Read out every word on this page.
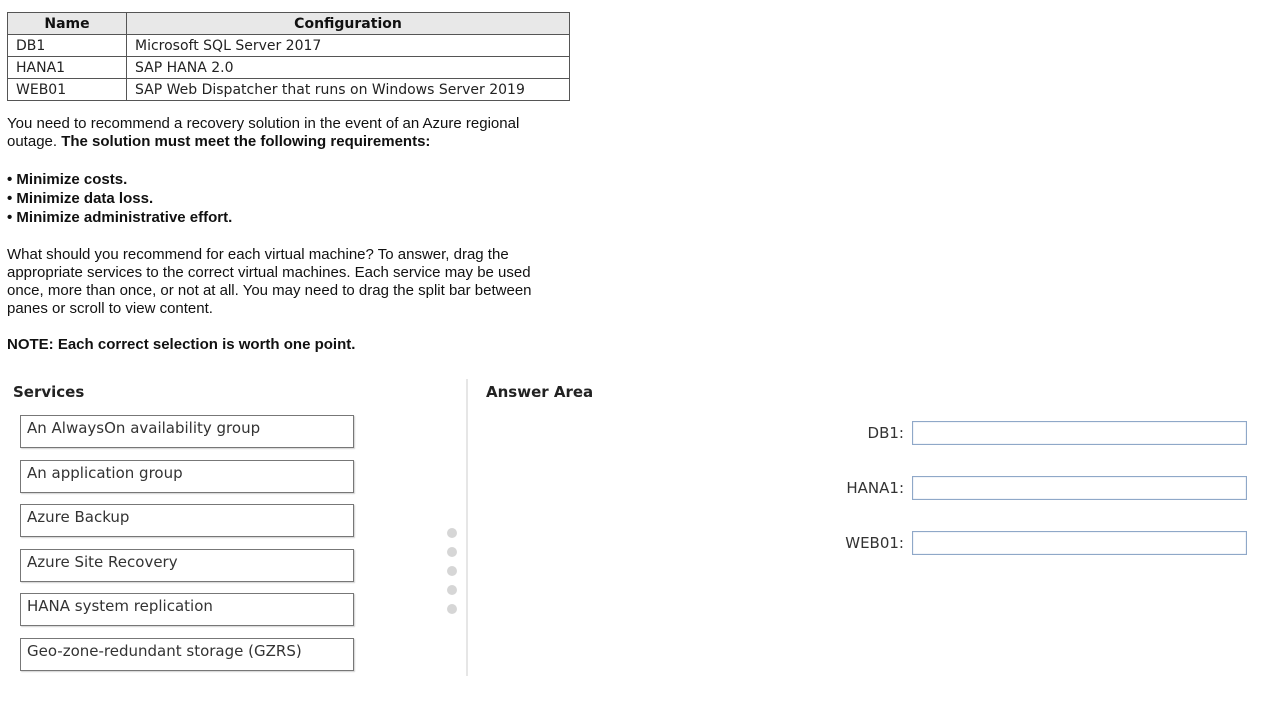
Name	Configuration
DB1	Microsoft SQL Server 2017
HANA1	SAP HANA 2.0
WEB01	SAP Web Dispatcher that runs on Windows Server 2019

You need to recommend a recovery solution in the event of an Azure regional outage. The solution must meet the following requirements:

• Minimize costs.
• Minimize data loss.
• Minimize administrative effort.

What should you recommend for each virtual machine? To answer, drag the appropriate services to the correct virtual machines. Each service may be used once, more than once, or not at all. You may need to drag the split bar between panes or scroll to view content.

NOTE: Each correct selection is worth one point.

Services
An AlwaysOn availability group
An application group
Azure Backup
Azure Site Recovery
HANA system replication
Geo-zone-redundant storage (GZRS)
Answer Area
DB1:
HANA1:
WEB01:
